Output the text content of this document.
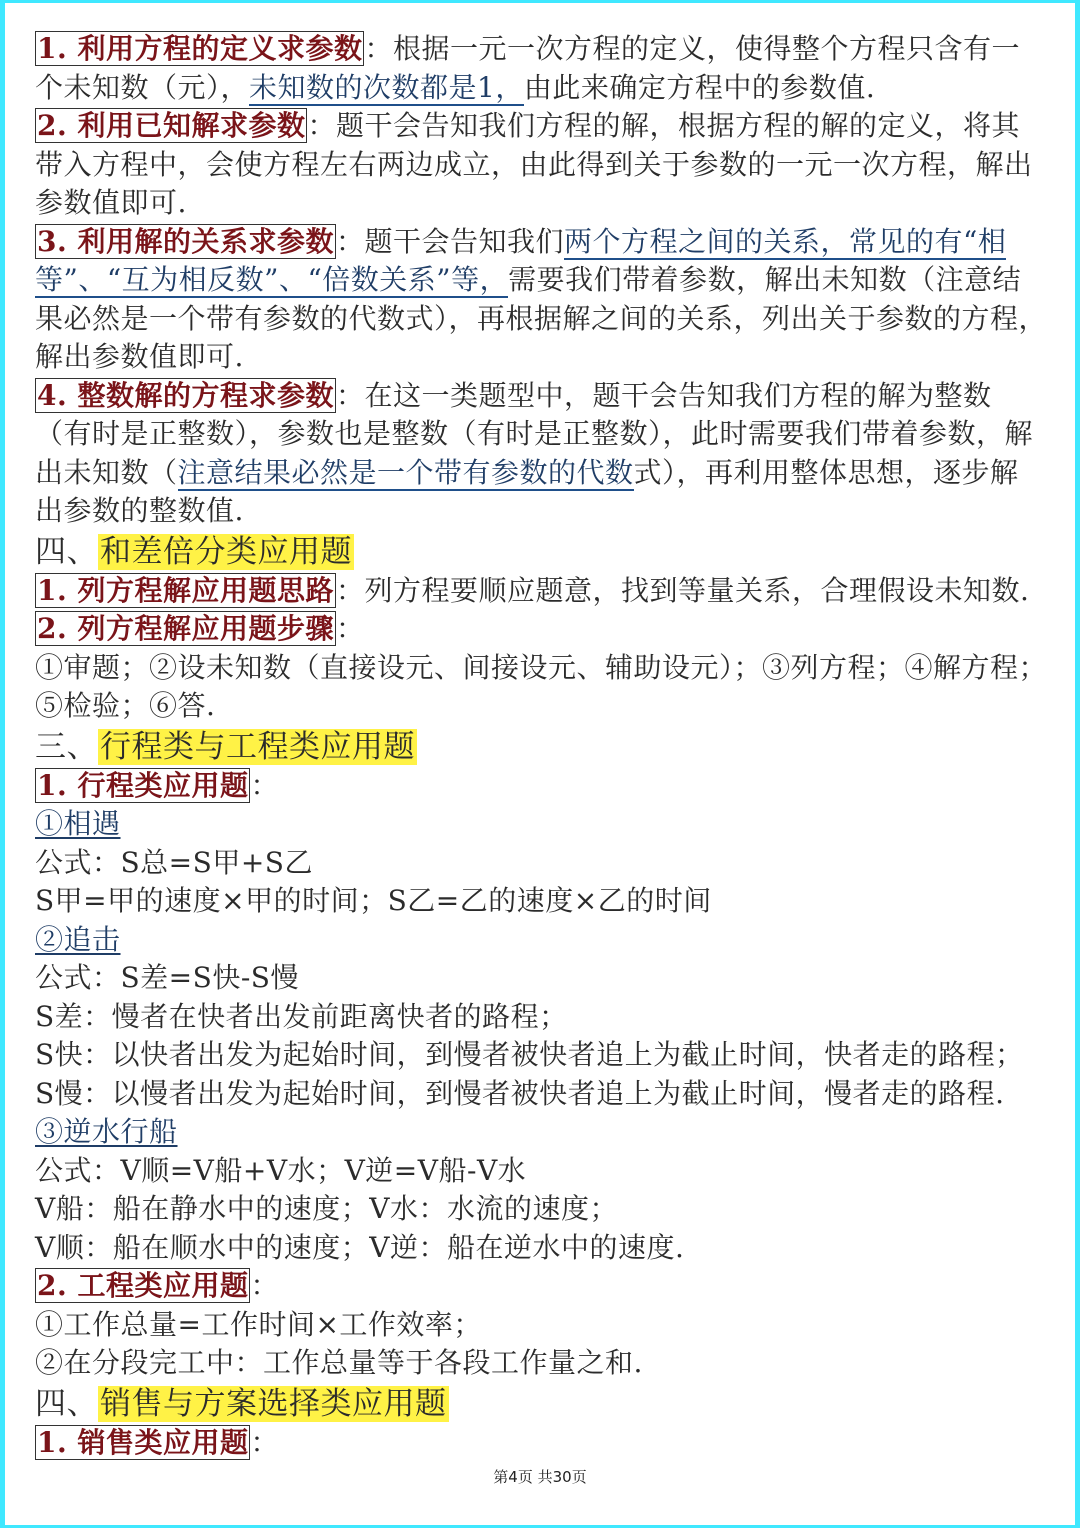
1. 利用方程的定义求参数：根据一元一次方程的定义，使得整个方程只含有一个未知数（元），未知数的次数都是1，由此来确定方程中的参数值.

2. 利用已知解求参数：题干会告知我们方程的解，根据方程的解的定义，将其带入方程中，会使方程左右两边成立，由此得到关于参数的一元一次方程，解出参数值即可.

3. 利用解的关系求参数：题干会告知我们两个方程之间的关系，常见的有“相等”、“互为相反数”、“倍数关系”等，需要我们带着参数，解出未知数（注意结果必然是一个带有参数的代数式），再根据解之间的关系，列出关于参数的方程，解出参数值即可.

4. 整数解的方程求参数：在这一类题型中，题干会告知我们方程的解为整数（有时是正整数），参数也是整数（有时是正整数），此时需要我们带着参数，解出未知数（注意结果必然是一个带有参数的代数式），再利用整体思想，逐步解出参数的整数值.

四、和差倍分类应用题

1. 列方程解应用题思路：列方程要顺应题意，找到等量关系，合理假设未知数.

2. 列方程解应用题步骤：

①审题；②设未知数（直接设元、间接设元、辅助设元）；③列方程；④解方程；⑤检验；⑥答.

三、行程类与工程类应用题

1. 行程类应用题：

①相遇

公式：S总=S甲+S乙

S甲=甲的速度×甲的时间；S乙=乙的速度×乙的时间

②追击

公式：S差=S快-S慢

S差：慢者在快者出发前距离快者的路程；

S快：以快者出发为起始时间，到慢者被快者追上为截止时间，快者走的路程；

S慢：以慢者出发为起始时间，到慢者被快者追上为截止时间，慢者走的路程.

③逆水行船

公式：V顺=V船+V水；V逆=V船-V水

V船：船在静水中的速度；V水：水流的速度；

V顺：船在顺水中的速度；V逆：船在逆水中的速度.

2. 工程类应用题：

①工作总量=工作时间×工作效率；

②在分段完工中：工作总量等于各段工作量之和.

四、销售与方案选择类应用题

1. 销售类应用题：

第4页 共30页
